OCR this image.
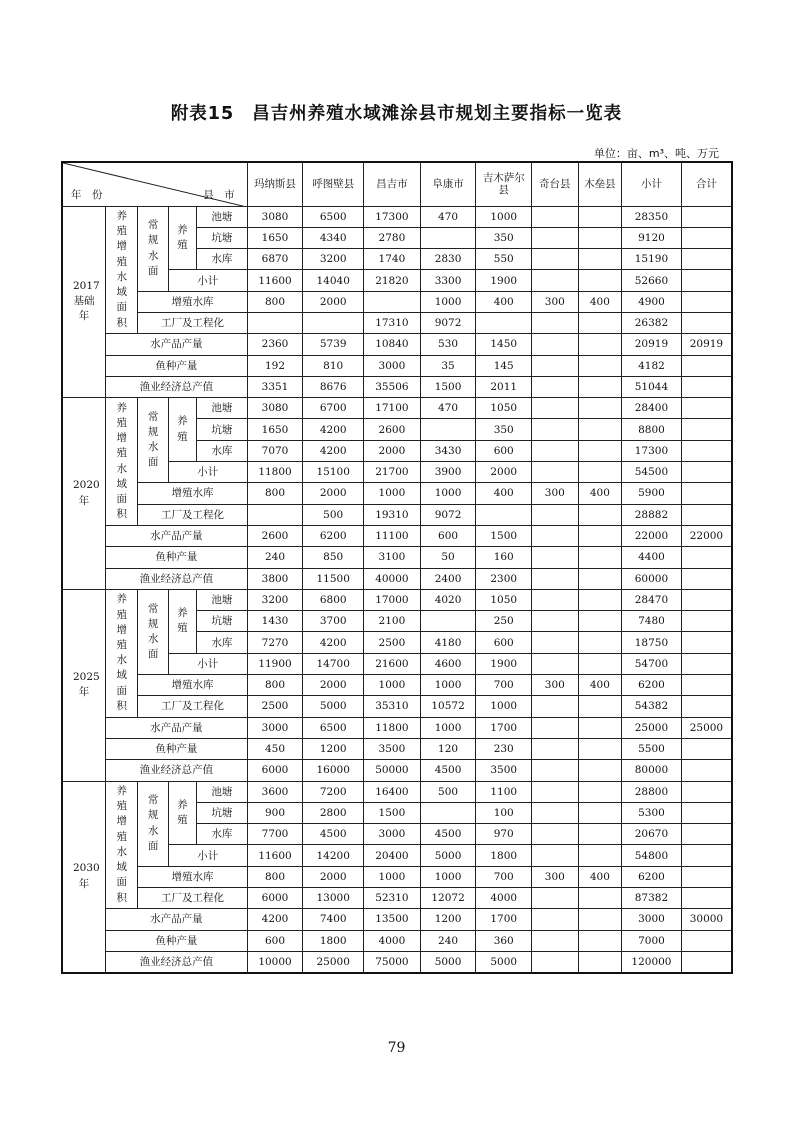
附表15 昌吉州养殖水域滩涂县市规划主要指标一览表
单位：亩、m³、吨、万元
年　份 县　市					玛纳斯县	呼图壁县	昌吉市	阜康市	吉木萨尔县	奇台县	木垒县	小计	合计
2017基础年	养殖增殖水域面积	常规水面	养殖	池塘	3080	6500	17300	470	1000			28350	
				坑塘	1650	4340	2780		350			9120	
				水库	6870	3200	1740	2830	550			15190	
			小计		11600	14040	21820	3300	1900			52660	
		增殖水库			800	2000		1000	400	300	400	4900	
		工厂及工程化					17310	9072				26382	
	水产品产量				2360	5739	10840	530	1450			20919	20919
	鱼种产量				192	810	3000	35	145			4182	
	渔业经济总产值				3351	8676	35506	1500	2011			51044	
2020年	养殖增殖水域面积	常规水面	养殖	池塘	3080	6700	17100	470	1050			28400	
				坑塘	1650	4200	2600		350			8800	
				水库	7070	4200	2000	3430	600			17300	
			小计		11800	15100	21700	3900	2000			54500	
		增殖水库			800	2000	1000	1000	400	300	400	5900	
		工厂及工程化				500	19310	9072				28882	
	水产品产量				2600	6200	11100	600	1500			22000	22000
	鱼种产量				240	850	3100	50	160			4400	
	渔业经济总产值				3800	11500	40000	2400	2300			60000	
2025年	养殖增殖水域面积	常规水面	养殖	池塘	3200	6800	17000	4020	1050			28470	
				坑塘	1430	3700	2100		250			7480	
				水库	7270	4200	2500	4180	600			18750	
			小计		11900	14700	21600	4600	1900			54700	
		增殖水库			800	2000	1000	1000	700	300	400	6200	
		工厂及工程化			2500	5000	35310	10572	1000			54382	
	水产品产量				3000	6500	11800	1000	1700			25000	25000
	鱼种产量				450	1200	3500	120	230			5500	
	渔业经济总产值				6000	16000	50000	4500	3500			80000	
2030年	养殖增殖水域面积	常规水面	养殖	池塘	3600	7200	16400	500	1100			28800	
				坑塘	900	2800	1500		100			5300	
				水库	7700	4500	3000	4500	970			20670	
			小计		11600	14200	20400	5000	1800			54800	
		增殖水库			800	2000	1000	1000	700	300	400	6200	
		工厂及工程化			6000	13000	52310	12072	4000			87382	
	水产品产量				4200	7400	13500	1200	1700			3000	30000
	鱼种产量				600	1800	4000	240	360			7000	
	渔业经济总产值				10000	25000	75000	5000	5000			120000	
79
